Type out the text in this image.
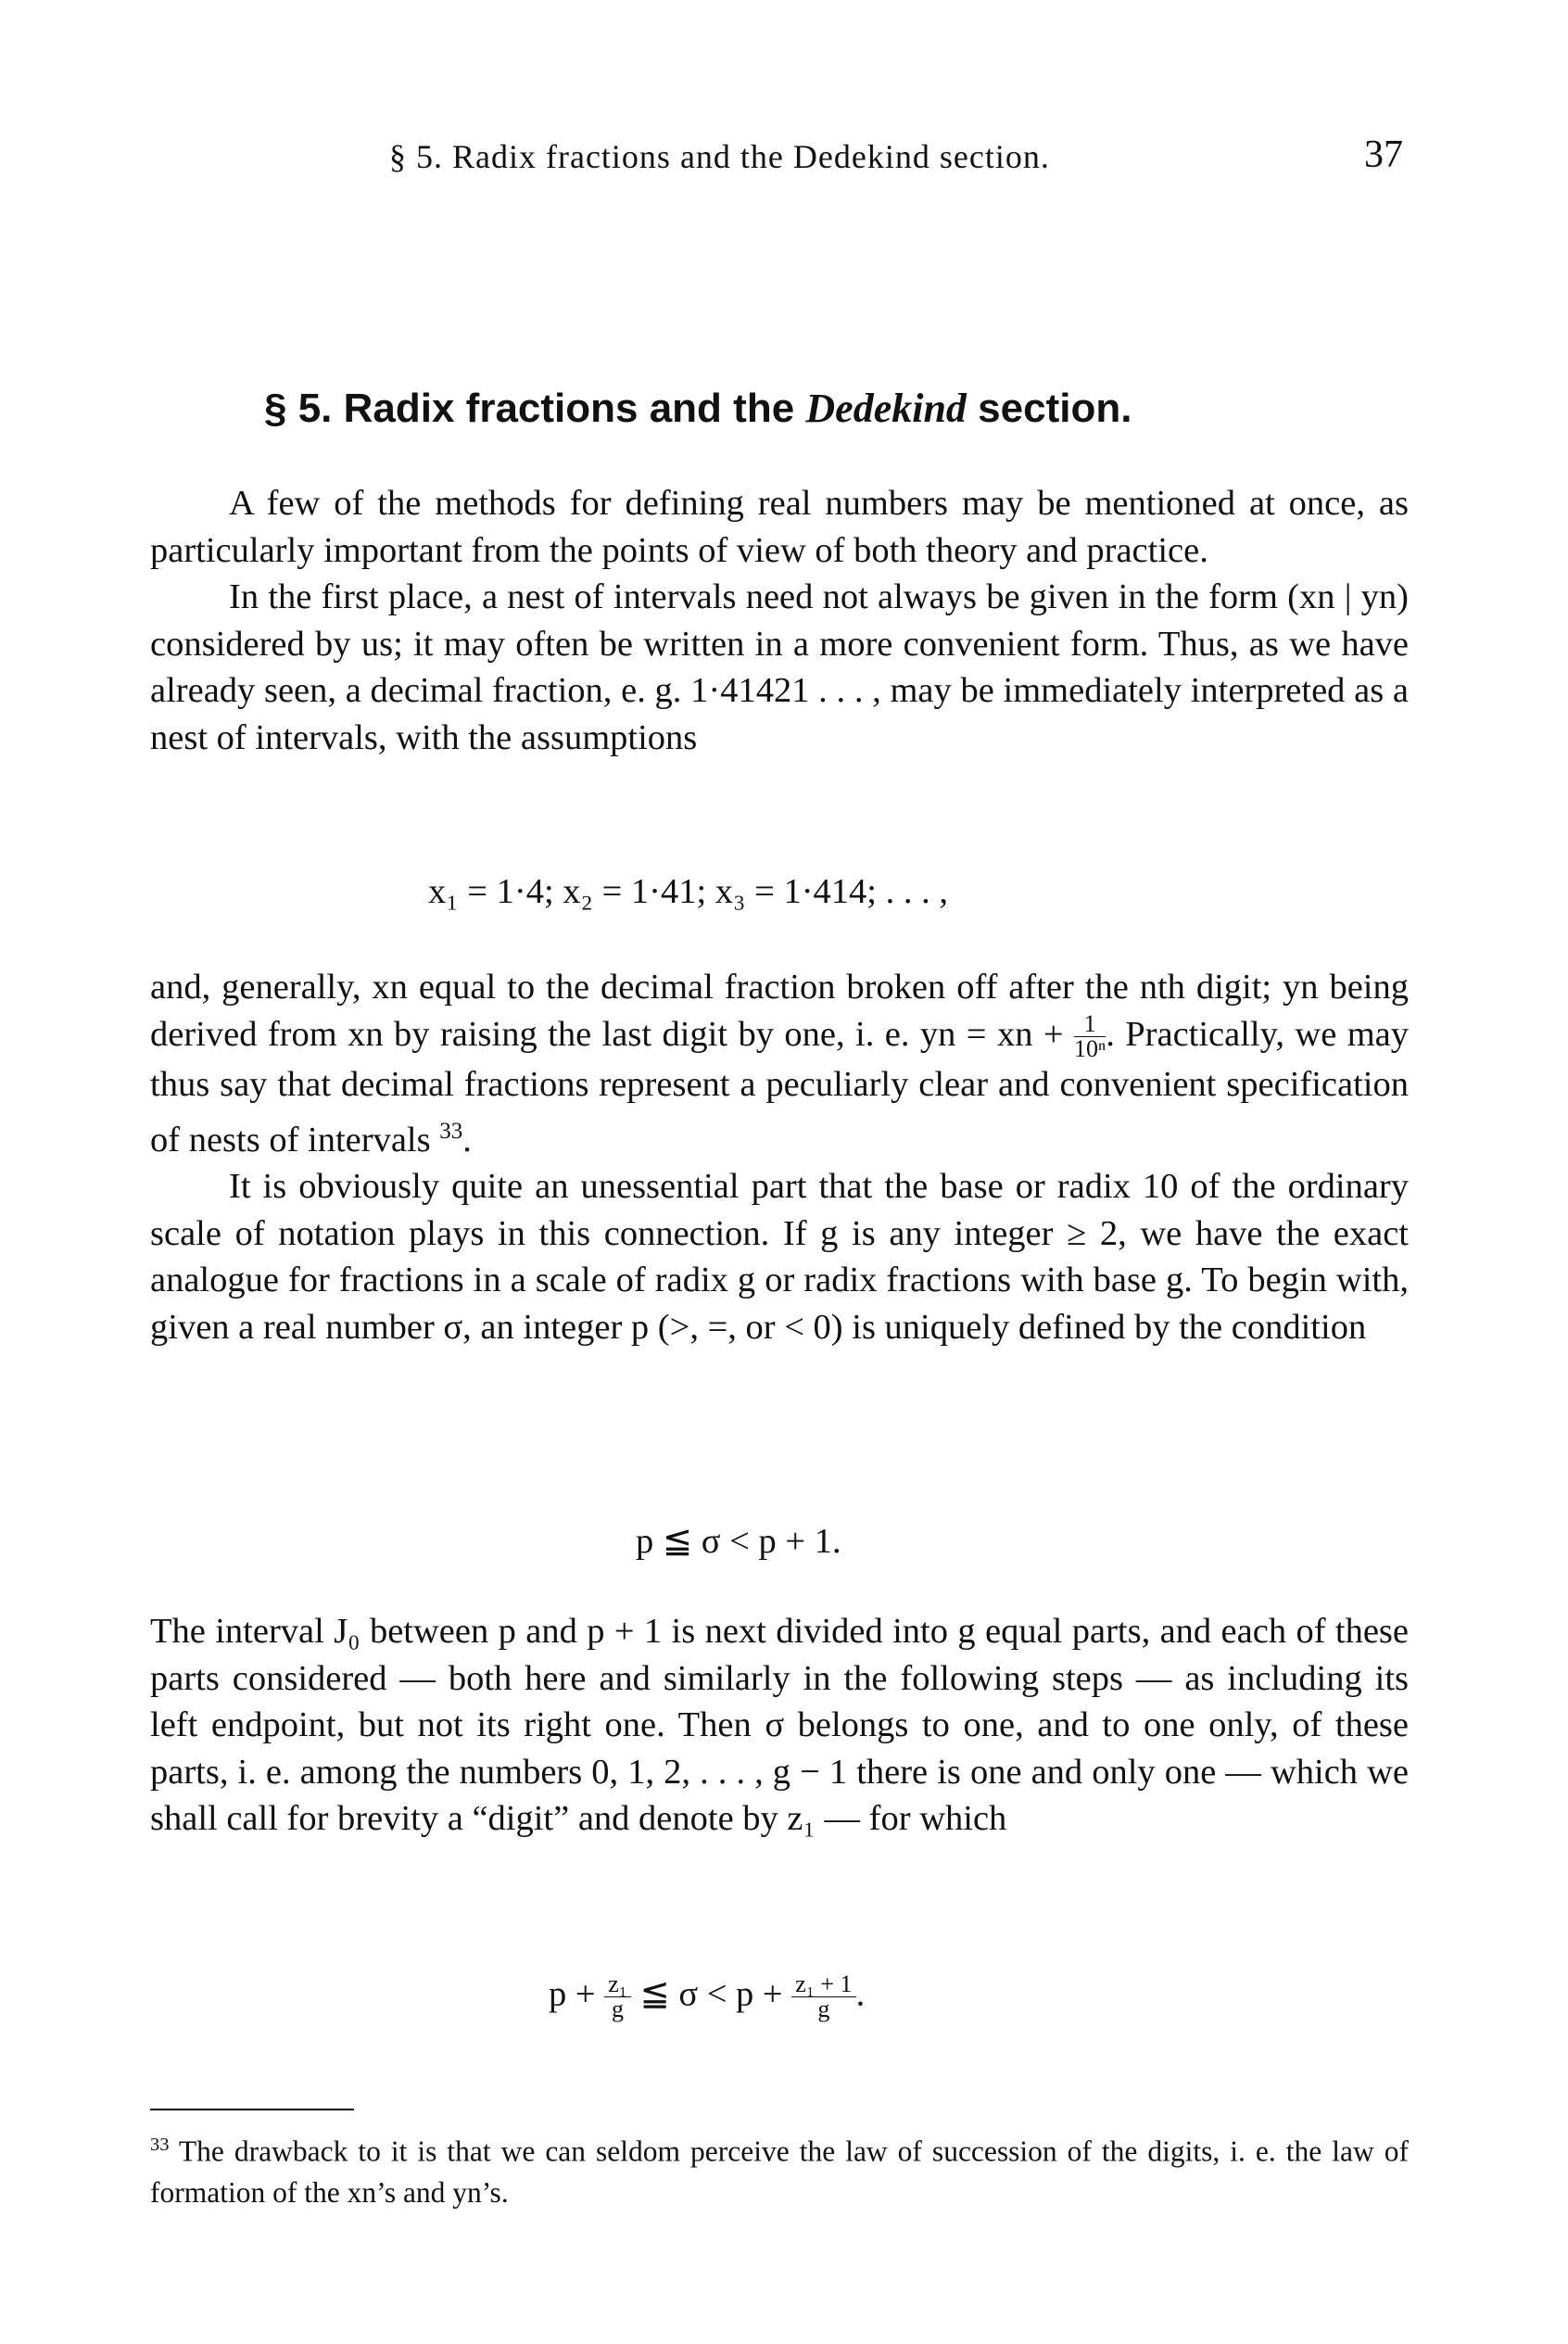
§ 5. Radix fractions and the Dedekind section.	37
§ 5. Radix fractions and the Dedekind section.

A few of the methods for defining real numbers may be mentioned at once, as particularly important from the points of view of both theory and practice.

In the first place, a nest of intervals need not always be given in the form (xn | yn) considered by us; it may often be written in a more convenient form. Thus, as we have already seen, a decimal fraction, e. g. 1·41421 . . . , may be immediately interpreted as a nest of intervals, with the assumptions

x₁ = 1·4; x₂ = 1·41; x₃ = 1·414; . . . ,

and, generally, xn equal to the decimal fraction broken off after the nth digit; yn being derived from xn by raising the last digit by one, i. e. yn = xn + $\frac{1}{\text{10ⁿ}}$ . Practically, we may thus say that decimal fractions represent a peculiarly clear and convenient specification of nests of intervals $^{33}$.

It is obviously quite an unessential part that the base or radix 10 of the ordinary scale of notation plays in this connection. If g is any integer ≥ 2, we have the exact analogue for fractions in a scale of radix g or radix fractions with base g. To begin with, given a real number σ, an integer p (>, =, or < 0) is uniquely defined by the condition

p ≦ σ < p + 1.

The interval J₀ between p and p + 1 is next divided into g equal parts, and each of these parts considered — both here and similarly in the following steps — as including its left endpoint, but not its right one. Then σ belongs to one, and to one only, of these parts, i. e. among the numbers 0, 1, 2, . . . , g − 1 there is one and only one — which we shall call for brevity a “digit” and denote by z₁ — for which

$p + \frac{\text{z₁}}{g}$ ≦ $\sigma < p + \frac{\text{z₁ + 1}}{g}$ .
$^{33}$ The drawback to it is that we can seldom perceive the law of succession of the digits, i. e. the law of formation of the xn’s and yn’s.
